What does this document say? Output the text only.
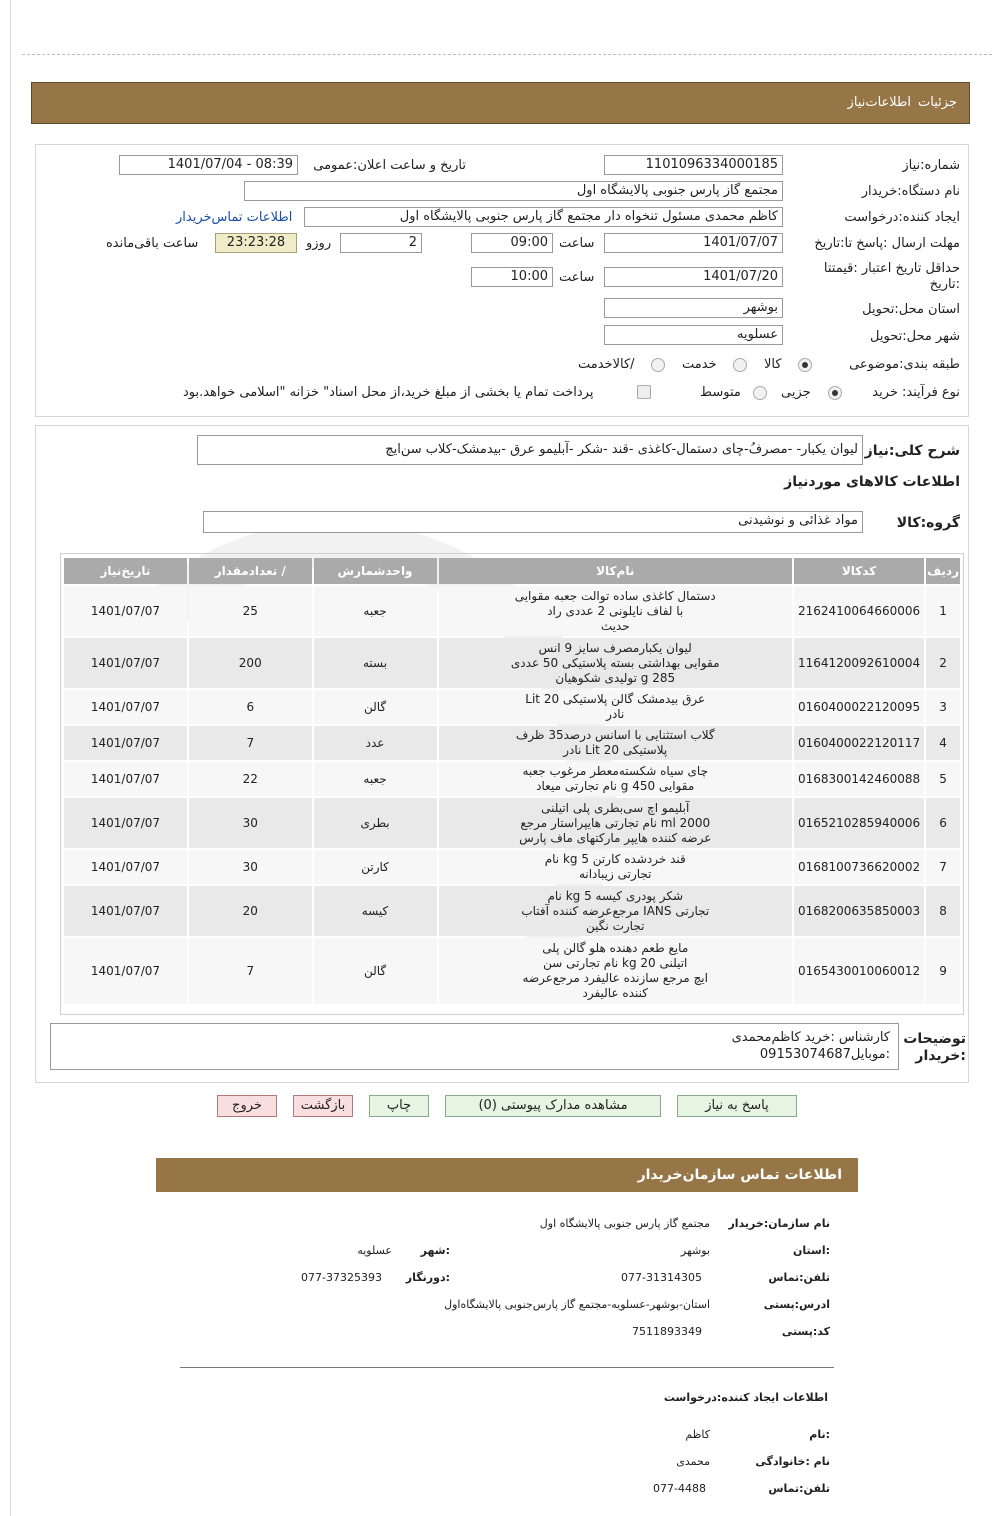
جزئیات
اطلاعات‌نیاز
شماره:نیاز
1101096334000185
تاریخ و ساعت اعلان:عمومی
1401/07/04 - 08:39
نام دستگاه:خریدار
مجتمع گاز پارس جنوبی پالایشگاه اول
ایجاد کننده:درخواست
کاظم محمدی مسئول تنخواه دار مجتمع گاز پارس جنوبی پالایشگاه اول
اطلاعات تماس‌خریدار
مهلت ارسال :پاسخ تا:تاریخ
1401/07/07
ساعت
09:00
2
روزو
23:23:28
ساعت باقی‌مانده
حداقل تاریخ اعتبار :قیمتتا
:تاریخ
1401/07/20
ساعت
10:00
استان محل:تحویل
بوشهر
شهر محل:تحویل
عسلویه
طبقه بندی:موضوعی
کالا
خدمت
/کالاخدمت
نوع فرآیند: خرید
جزیی
متوسط
پرداخت تمام یا بخشی از مبلغ خرید،از محل اسناد" خزانه "اسلامی خواهد.بود
شرح کلی:نیاز
لیوان یکبار- -مصرفُ-چای دستمال-کاغذی -قند -شکر -آبلیمو عرق -بیدمشک-کلاب سن‌ایچ
اطلاعات کالاهای موردنیاز
گروه:کالا
مواد غذائی و نوشیدنی
ردیف	کدکالا	نام‌کالا	واحدشمارش	/ تعدادمقدار	تاریخ‌نیاز
1	2162410064660006	دستمال کاغذی ساده توالت جعبه مقوایی
با لفاف نایلونی 2 عددی راد
حدیث	جعبه	25	1401/07/07
2	1164120092610004	لیوان یکبارمصرف سایز 9 انس
مقوایی بهداشتی بسته پلاستیکی 50 عددی
g 285 تولیدی شکوهیان	بسته	200	1401/07/07
3	0160400022120095	عرق بیدمشک گالن پلاستیکی 20 Lit
نادر	گالن	6	1401/07/07
4	0160400022120117	گلاب استثنایی با اسانس درصد35 ظرف
پلاستیکی 20 Lit نادر	عدد	7	1401/07/07
5	0168300142460088	چای سیاه شکسته‌معطر مرغوب جعبه
مقوایی g 450 نام تجارتی میعاد	جعبه	22	1401/07/07
6	0165210285940006	آبلیمو اچ سی‌بطری پلی اتیلنی
ml 2000 نام تجارتی هایپراستار مرجع
عرضه کننده هایپر مارکتهای ماف پارس	بطری	30	1401/07/07
7	0168100736620002	قند خردشده کارتن kg 5 نام
تجارتی زیبادانه	کارتن	30	1401/07/07
8	0168200635850003	شکر پودری کیسه kg 5 نام
تجارتی IANS مرجع‌عرضه کننده آفتاب
تجارت نگین	کیسه	20	1401/07/07
9	0165430010060012	مایع طعم دهنده هلو گالن پلی
اتیلنی kg 20 نام تجارتی سن
ایچ مرجع سازنده عالیفرد مرجع‌عرضه
کننده عالیفرد	گالن	7	1401/07/07
توضیحات
:خریدار
کارشناس :خرید کاظم‌محمدی
:موبایل09153074687
پاسخ به نیاز
مشاهده مدارک پیوستی (0)
چاپ
بازگشت
خروج
اطلاعات تماس سازمان‌خریدار
نام سازمان:خریدار
مجتمع گاز پارس جنوبی پالایشگاه اول
:استان
بوشهر
:شهر
عسلویه
تلفن:تماس
077-31314305
:دورنگار
077-37325393
ادرس:پستی
استان-بوشهر-عسلویه-مجتمع گاز پارس‌جنوبی پالایشگاه‌اول
کد:پستی
7511893349
اطلاعات ایجاد کننده:درخواست
:نام
کاظم
نام :خانوادگی
محمدی
تلفن:تماس
077-4488
